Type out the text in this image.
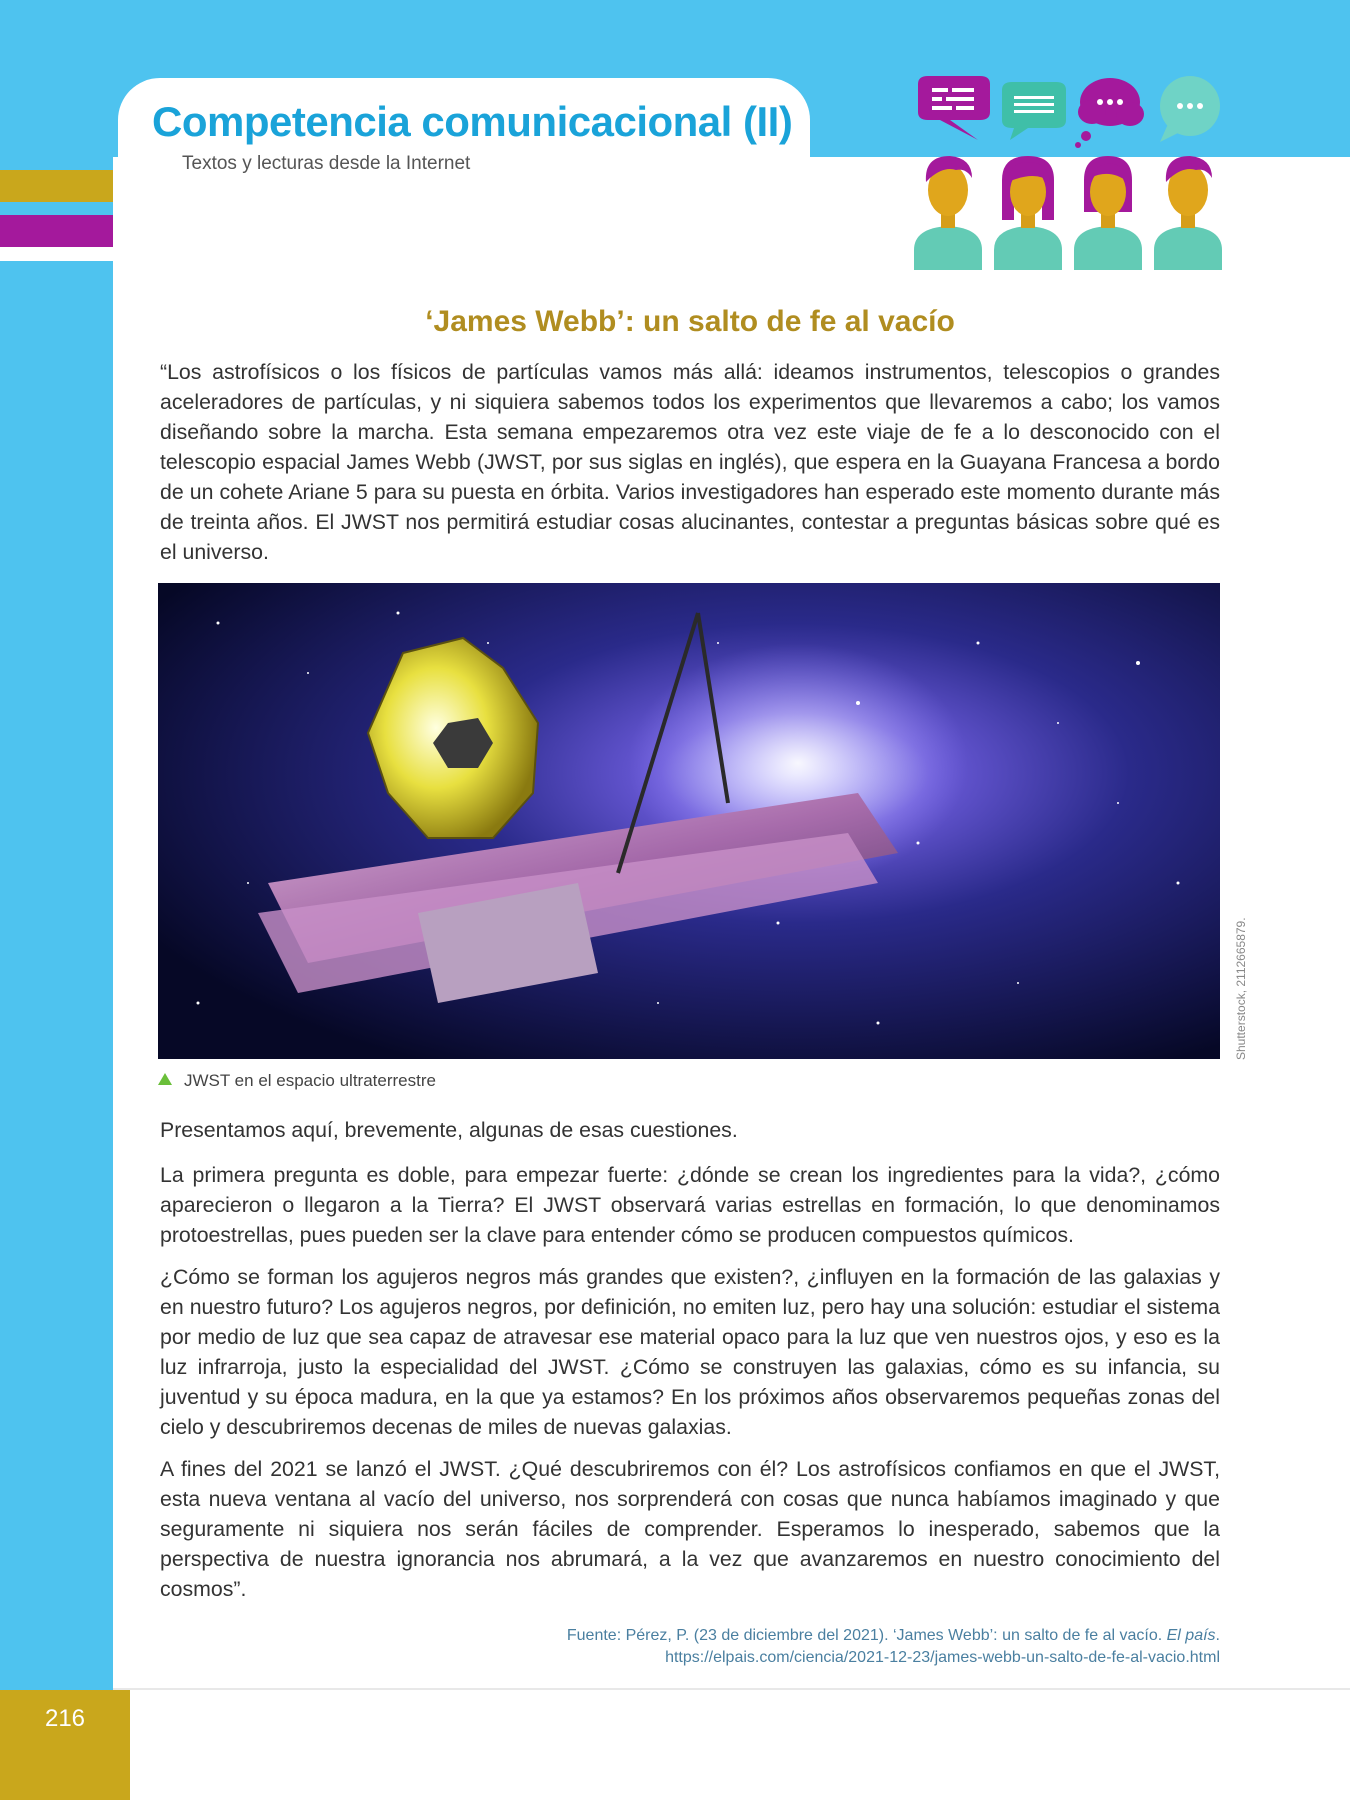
Competencia comunicacional (II)
Textos y lecturas desde la Internet
‘James Webb’: un salto de fe al vacío

“Los astrofísicos o los físicos de partículas vamos más allá: ideamos instrumentos, telescopios o grandes aceleradores de partículas, y ni siquiera sabemos todos los experimentos que llevaremos a cabo; los vamos diseñando sobre la marcha. Esta semana empezaremos otra vez este viaje de fe a lo desconocido con el telescopio espacial James Webb (JWST, por sus siglas en inglés), que espera en la Guayana Francesa a bordo de un cohete Ariane 5 para su puesta en órbita. Varios investigadores han esperado este momento durante más de treinta años. El JWST nos permitirá estudiar cosas alucinantes, contestar a preguntas básicas sobre qué es el universo.

Shutterstock, 2112665879.
JWST en el espacio ultraterrestre

Presentamos aquí, brevemente, algunas de esas cuestiones.

La primera pregunta es doble, para empezar fuerte: ¿dónde se crean los ingredientes para la vida?, ¿cómo aparecieron o llegaron a la Tierra? El JWST observará varias estrellas en formación, lo que denominamos protoestrellas, pues pueden ser la clave para entender cómo se producen compuestos químicos.

¿Cómo se forman los agujeros negros más grandes que existen?, ¿influyen en la formación de las galaxias y en nuestro futuro? Los agujeros negros, por definición, no emiten luz, pero hay una solución: estudiar el sistema por medio de luz que sea capaz de atravesar ese material opaco para la luz que ven nuestros ojos, y eso es la luz infrarroja, justo la especialidad del JWST. ¿Cómo se construyen las galaxias, cómo es su infancia, su juventud y su época madura, en la que ya estamos? En los próximos años observaremos pequeñas zonas del cielo y descubriremos decenas de miles de nuevas galaxias.

A fines del 2021 se lanzó el JWST. ¿Qué descubriremos con él? Los astrofísicos confiamos en que el JWST, esta nueva ventana al vacío del universo, nos sorprenderá con cosas que nunca habíamos imaginado y que seguramente ni siquiera nos serán fáciles de comprender. Esperamos lo inesperado, sabemos que la perspectiva de nuestra ignorancia nos abrumará, a la vez que avanzaremos en nuestro conocimiento del cosmos”.

Fuente: Pérez, P. (23 de diciembre del 2021). ‘James Webb’: un salto de fe al vacío. El país.
https://elpais.com/ciencia/2021-12-23/james-webb-un-salto-de-fe-al-vacio.html
216
